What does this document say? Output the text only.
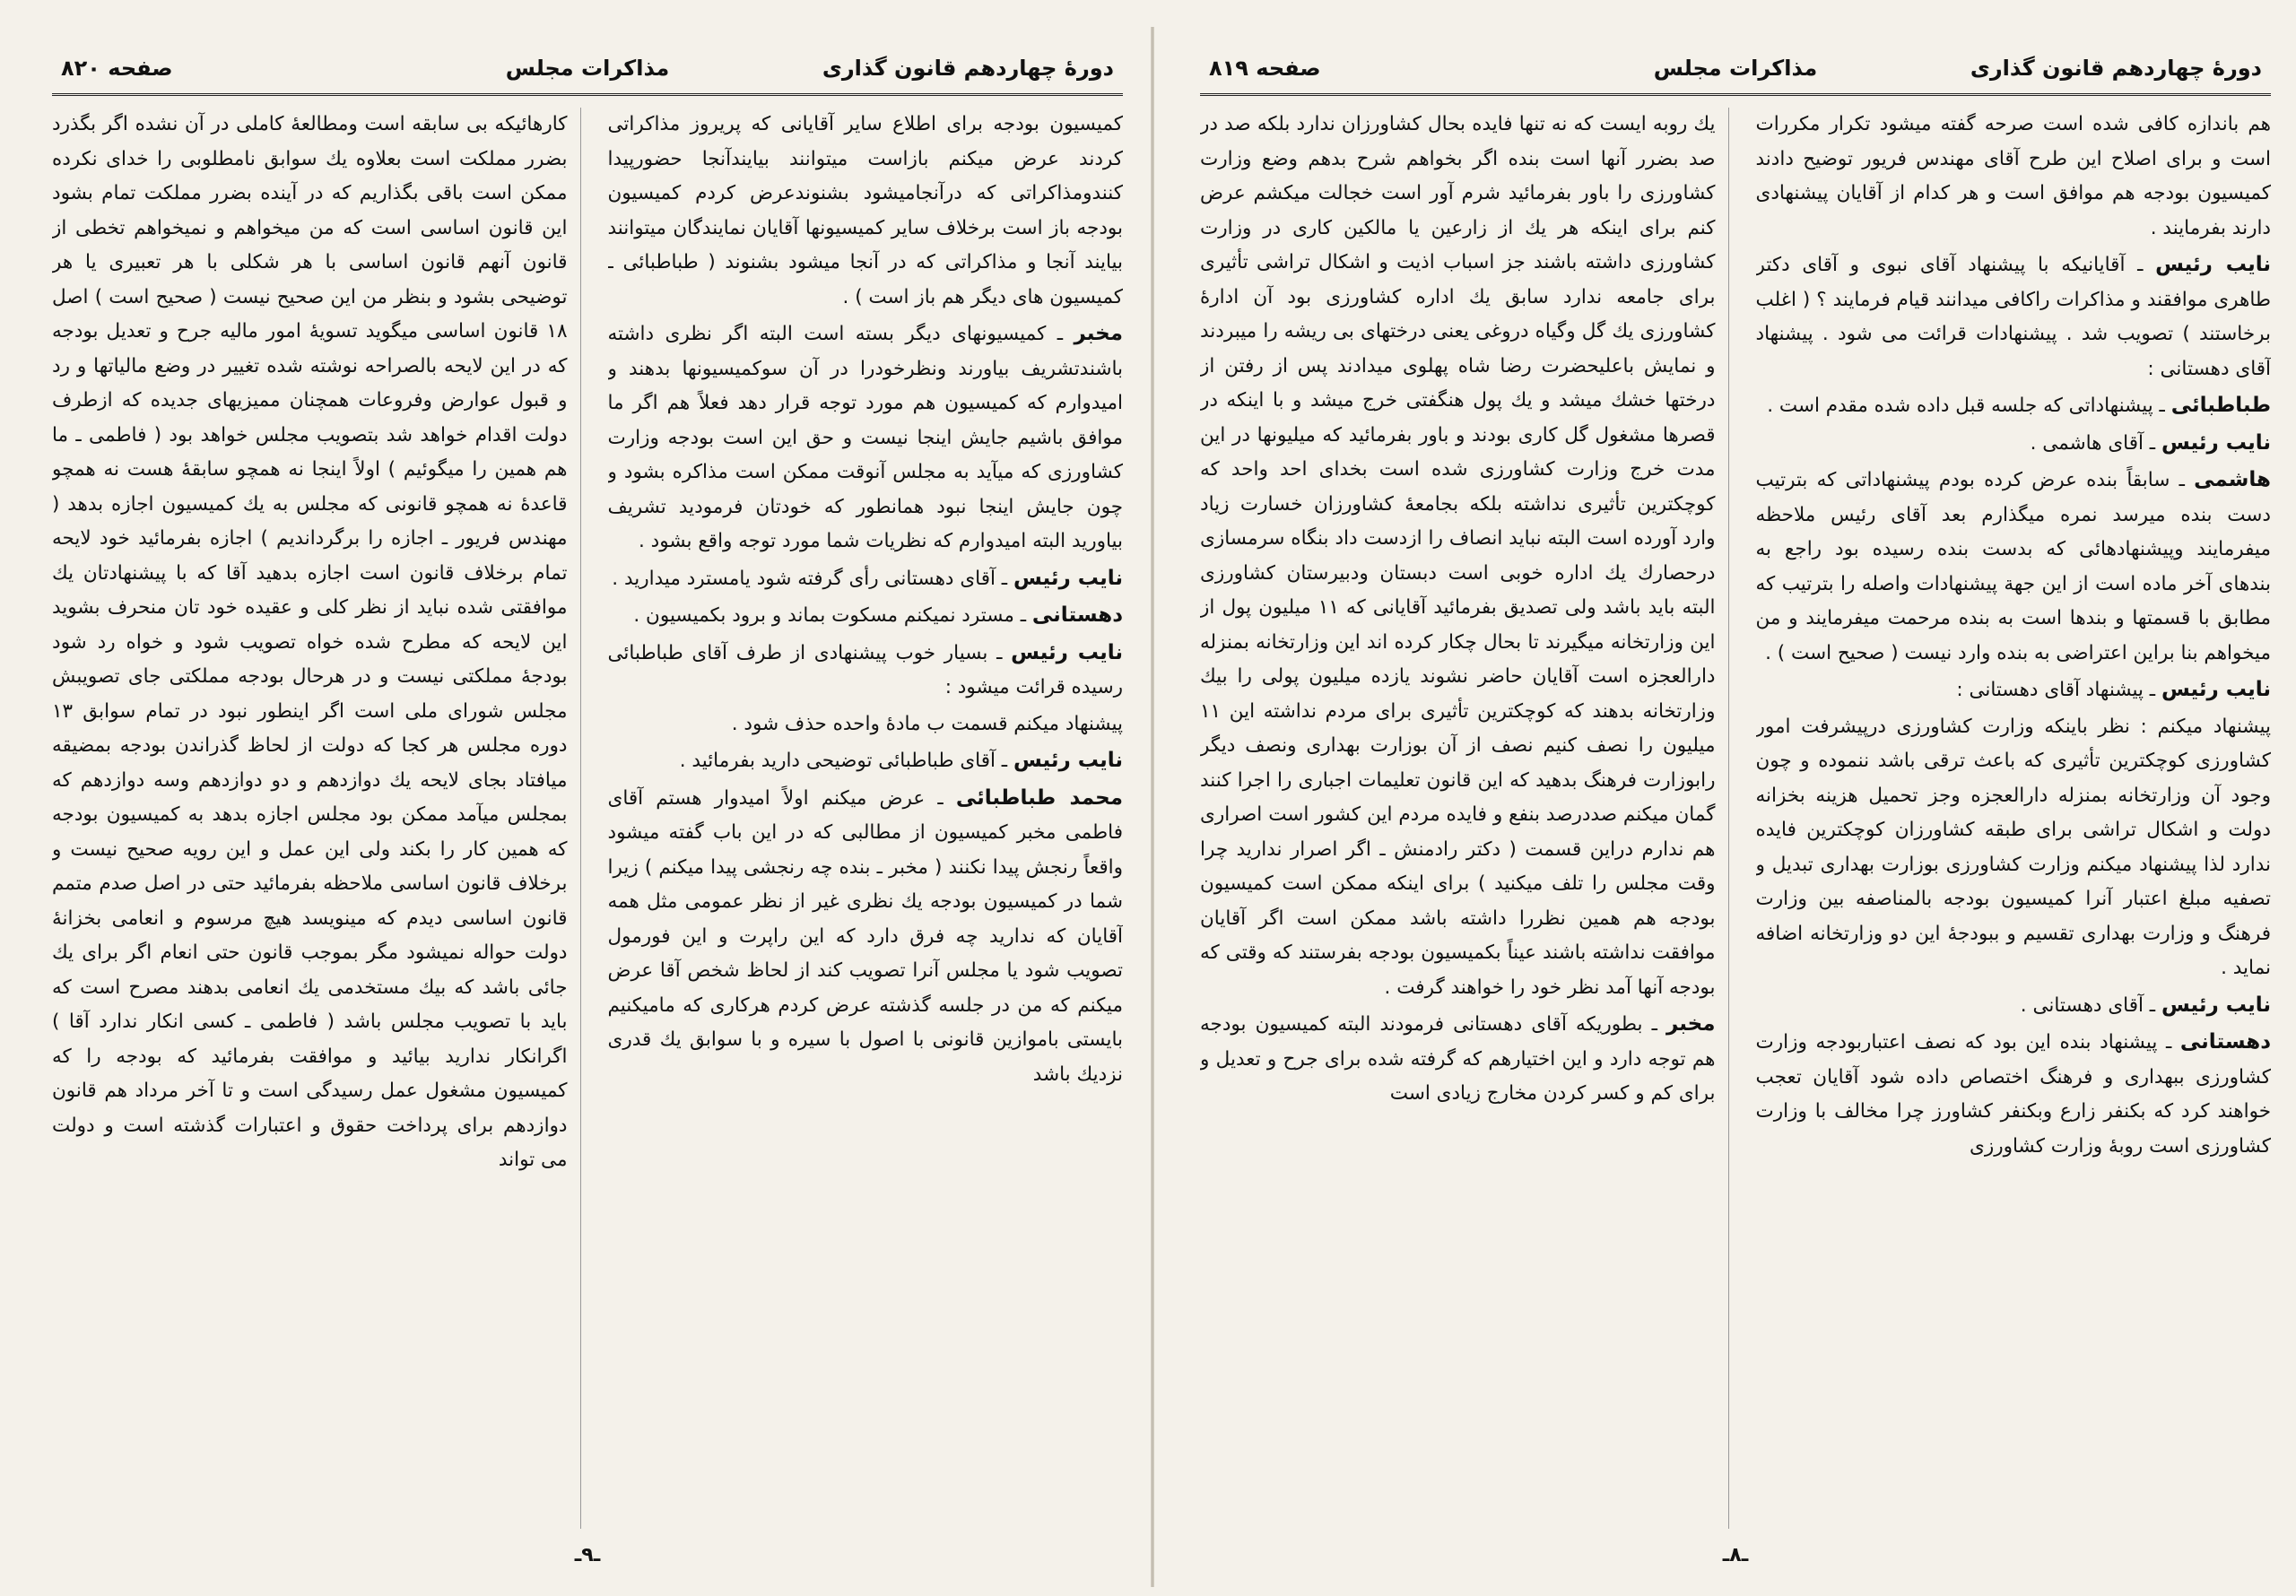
صفحه ۸۲۰	مذاکرات مجلس	دورهٔ چهاردهم قانون گذاری
کمیسیون بودجه برای اطلاع سایر آقایانی که پریروز مذاکراتی کردند عرض میکنم بازاست میتوانند بیایندآنجا حضورپیدا کنندومذاکراتی که درآنجامیشود بشنوندعرض کردم کمیسیون بودجه باز است برخلاف سایر کمیسیونها آقایان نمایندگان میتوانند بیایند آنجا و مذاکراتی که در آنجا میشود بشنوند ( طباطبائی ـ کمیسیون های دیگر هم باز است ) .
مخبر ـ کمیسیونهای دیگر بسته است البته اگر نظری داشته باشندتشریف بیاورند ونظرخودرا در آن سوکمیسیونها بدهند و امیدوارم که کمیسیون هم مورد توجه قرار دهد فعلاً هم اگر ما موافق باشیم جایش اینجا نیست و حق این است بودجه وزارت کشاورزی که میآید به مجلس آنوقت ممکن است مذاکره بشود و چون جایش اینجا نبود همانطور که خودتان فرمودید تشریف بیاورید البته امیدوارم که نظریات شما مورد توجه واقع بشود .
نایب رئیس ـ آقای دهستانی رأی گرفته شود یامسترد میدارید .
دهستانی ـ مسترد نمیکنم مسکوت بماند و برود بکمیسیون .
نایب رئیس ـ بسیار خوب پیشنهادی از طرف آقای طباطبائی رسیده قرائت میشود :
پیشنهاد میکنم قسمت ب مادهٔ واحده حذف شود .
نایب رئیس ـ آقای طباطبائی توضیحی دارید بفرمائید .
محمد طباطبائی ـ عرض میکنم اولاً امیدوار هستم آقای فاطمی مخبر کمیسیون از مطالبی که در این باب گفته میشود واقعاً رنجش پیدا نکنند ( مخبر ـ بنده چه رنجشی پیدا میکنم ) زیرا شما در کمیسیون بودجه یك نظری غیر از نظر عمومی مثل همه آقایان که ندارید چه فرق دارد که این راپرت و این فورمول تصویب شود یا مجلس آنرا تصویب کند از لحاظ شخص آقا عرض میکنم که من در جلسه گذشته عرض کردم هرکاری که مامیکنیم بایستی باموازین قانونی با اصول با سیره و با سوابق یك قدری نزدیك باشد
کارهائیکه بی سابقه است ومطالعهٔ کاملی در آن نشده اگر بگذرد بضرر مملکت است بعلاوه یك سوابق نامطلوبی را خدای نکرده ممکن است باقی بگذاریم که در آینده بضرر مملکت تمام بشود این قانون اساسی است که من میخواهم و نمیخواهم تخطی از قانون آنهم قانون اساسی با هر شکلی با هر تعبیری یا هر توضیحی بشود و بنظر من این صحیح نیست ( صحیح است ) اصل ۱۸ قانون اساسی میگوید تسویهٔ امور مالیه جرح و تعدیل بودجه که در این لایحه بالصراحه نوشته شده تغییر در وضع مالیاتها و رد و قبول عوارض وفروعات همچنان ممیزیهای جدیده که ازطرف دولت اقدام خواهد شد بتصویب مجلس خواهد بود ( فاطمی ـ ما هم همین را میگوئیم ) اولاً اینجا نه همچو سابقهٔ هست نه همچو قاعدهٔ نه همچو قانونی که مجلس به یك کمیسیون اجازه بدهد ( مهندس فریور ـ اجازه را برگرداندیم ) اجازه بفرمائید خود لایحه تمام برخلاف قانون است اجازه بدهید آقا که با پیشنهادتان یك موافقتی شده نباید از نظر کلی و عقیده خود تان منحرف بشوید این لایحه که مطرح شده خواه تصویب شود و خواه رد شود بودجهٔ مملکتی نیست و در هرحال بودجه مملکتی جای تصویبش مجلس شورای ملی است اگر اینطور نبود در تمام سوابق ۱۳ دوره مجلس هر کجا که دولت از لحاظ گذراندن بودجه بمضیقه میافتاد بجای لایحه یك دوازدهم و دو دوازدهم وسه دوازدهم که بمجلس میآمد ممکن بود مجلس اجازه بدهد به کمیسیون بودجه که همین کار را بکند ولی این عمل و این رویه صحیح نیست و برخلاف قانون اساسی ملاحظه بفرمائید حتی در اصل صدم متمم قانون اساسی دیدم که مینویسد هیچ مرسوم و انعامی بخزانهٔ دولت حواله نمیشود مگر بموجب قانون حتی انعام اگر برای یك جائی باشد که بیك مستخدمی یك انعامی بدهند مصرح است که باید با تصویب مجلس باشد ( فاطمی ـ کسی انکار ندارد آقا ) اگرانکار ندارید بیائید و موافقت بفرمائید که بودجه را که کمیسیون مشغول عمل رسیدگی است و تا آخر مرداد هم قانون دوازدهم برای پرداخت حقوق و اعتبارات گذشته است و دولت می تواند
ـ۹ـ
صفحه ۸۱۹	مذاکرات مجلس	دورهٔ چهاردهم قانون گذاری
هم باندازه کافی شده است صرحه گفته میشود تکرار مکررات است و برای اصلاح این طرح آقای مهندس فریور توضیح دادند کمیسیون بودجه هم موافق است و هر کدام از آقایان پیشنهادی دارند بفرمایند .
نایب رئیس ـ آقایانیکه با پیشنهاد آقای نبوی و آقای دکتر طاهری موافقند و مذاکرات راکافی میدانند قیام فرمایند ؟ ( اغلب برخاستند ) تصویب شد . پیشنهادات قرائت می شود . پیشنهاد آقای دهستانی :
طباطبائی ـ پیشنهاداتی که جلسه قبل داده شده مقدم است .
نایب رئیس ـ آقای هاشمی .
هاشمی ـ سابقاً بنده عرض کرده بودم پیشنهاداتی که بترتیب دست بنده میرسد نمره میگذارم بعد آقای رئیس ملاحظه میفرمایند وپیشنهادهائی که بدست بنده رسیده بود راجع به بندهای آخر ماده است از این جهة پیشنهادات واصله را بترتیب که مطابق با قسمتها و بندها است به بنده مرحمت میفرمایند و من میخواهم بنا براین اعتراضی به بنده وارد نیست ( صحیح است ) .
نایب رئیس ـ پیشنهاد آقای دهستانی :
پیشنهاد میکنم : نظر باینکه وزارت کشاورزی درپیشرفت امور کشاورزی کوچکترین تأثیری که باعث ترقی باشد ننموده و چون وجود آن وزارتخانه بمنزله دارالعجزه وجز تحمیل هزینه بخزانه دولت و اشکال تراشی برای طبقه کشاورزان کوچکترین فایده ندارد لذا پیشنهاد میکنم وزارت کشاورزی بوزارت بهداری تبدیل و تصفیه مبلغ اعتبار آنرا کمیسیون بودجه بالمناصفه بین وزارت فرهنگ و وزارت بهداری تقسیم و ببودجهٔ این دو وزارتخانه اضافه نماید .
نایب رئیس ـ آقای دهستانی .
دهستانی ـ پیشنهاد بنده این بود که نصف اعتباربودجه وزارت کشاورزی ببهداری و فرهنگ اختصاص داده شود آقایان تعجب خواهند کرد که بکنفر زارع وبکنفر کشاورز چرا مخالف با وزارت کشاورزی است روبهٔ وزارت کشاورزی
یك روبه ایست که نه تنها فایده بحال کشاورزان ندارد بلکه صد در صد بضرر آنها است بنده اگر بخواهم شرح بدهم وضع وزارت کشاورزی را باور بفرمائید شرم آور است خجالت میکشم عرض کنم برای اینکه هر یك از زارعین یا مالکین کاری در وزارت کشاورزی داشته باشند جز اسباب اذیت و اشکال تراشی تأثیری برای جامعه ندارد سابق یك اداره کشاورزی بود آن ادارهٔ کشاورزی یك گل وگیاه دروغی یعنی درختهای بی ریشه را میبردند و نمایش باعلیحضرت رضا شاه پهلوی میدادند پس از رفتن از درختها خشك میشد و یك پول هنگفتی خرج میشد و با اینکه در قصرها مشغول گل کاری بودند و باور بفرمائید که میلیونها در این مدت خرج وزارت کشاورزی شده است بخدای احد واحد که کوچکترین تأثیری نداشته بلکه بجامعهٔ کشاورزان خسارت زیاد وارد آورده است البته نباید انصاف را ازدست داد بنگاه سرمسازی درحصارك یك اداره خوبی است دبستان ودبیرستان کشاورزی البته باید باشد ولی تصدیق بفرمائید آقایانی که ۱۱ میلیون پول از این وزارتخانه میگیرند تا بحال چکار کرده اند این وزارتخانه بمنزله دارالعجزه است آقایان حاضر نشوند یازده میلیون پولی را بیك وزارتخانه بدهند که کوچکترین تأثیری برای مردم نداشته این ۱۱ میلیون را نصف کنیم نصف از آن بوزارت بهداری ونصف دیگر رابوزارت فرهنگ بدهید که این قانون تعلیمات اجباری را اجرا کنند گمان میکنم صددرصد بنفع و فایده مردم این کشور است اصراری هم ندارم دراین قسمت ( دکتر رادمنش ـ اگر اصرار ندارید چرا وقت مجلس را تلف میکنید ) برای اینکه ممکن است کمیسیون بودجه هم همین نظررا داشته باشد ممکن است اگر آقایان موافقت نداشته باشند عیناً بکمیسیون بودجه بفرستند که وقتی که بودجه آنها آمد نظر خود را خواهند گرفت .
مخبر ـ بطوریکه آقای دهستانی فرمودند البته کمیسیون بودجه هم توجه دارد و این اختیارهم که گرفته شده برای جرح و تعدیل و برای کم و کسر کردن مخارج زیادی است
ـ۸ـ
